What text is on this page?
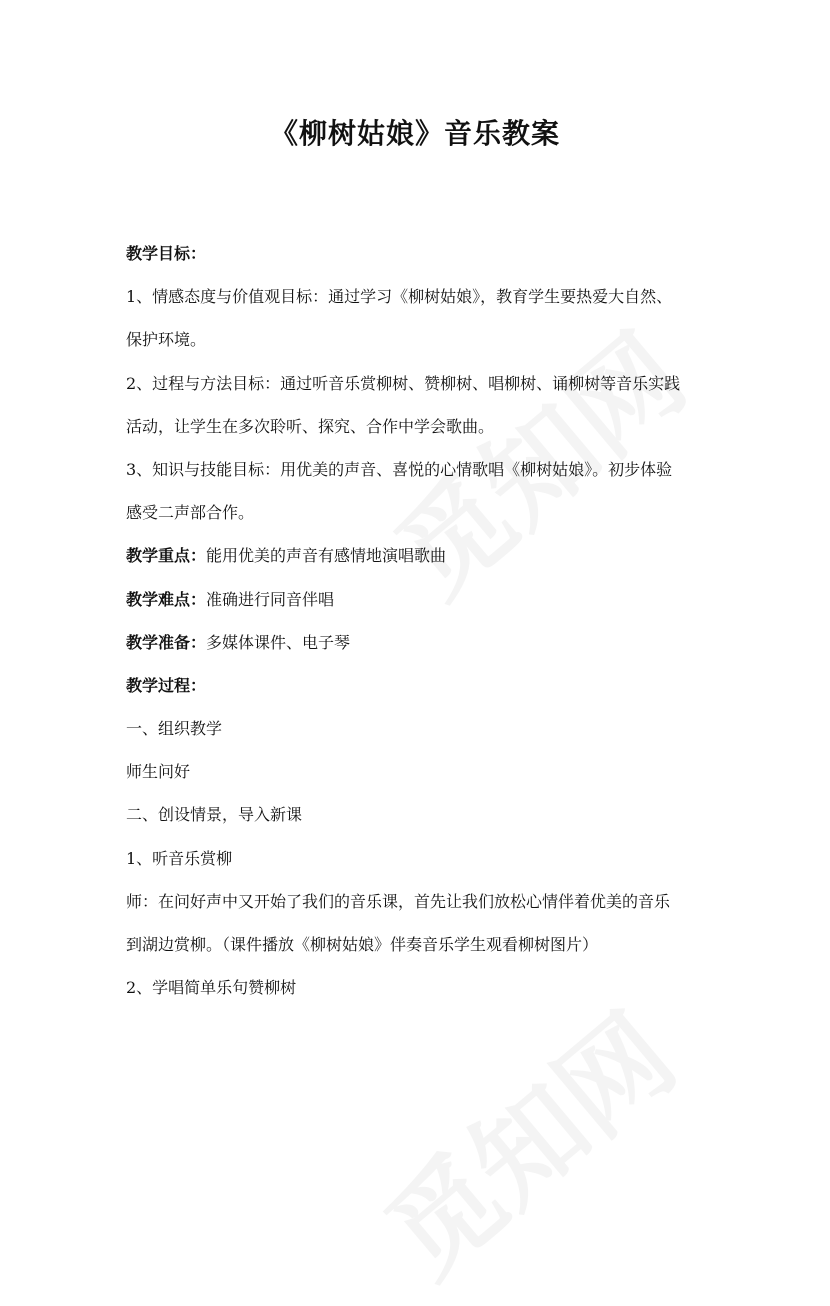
《柳树姑娘》音乐教案
教学目标：
1、情感态度与价值观目标：通过学习《柳树姑娘》，教育学生要热爱大自然、
保护环境。
2、过程与方法目标：通过听音乐赏柳树、赞柳树、唱柳树、诵柳树等音乐实践
活动，让学生在多次聆听、探究、合作中学会歌曲。
3、知识与技能目标：用优美的声音、喜悦的心情歌唱《柳树姑娘》。初步体验
感受二声部合作。
教学重点：能用优美的声音有感情地演唱歌曲
教学难点：准确进行同音伴唱
教学准备：多媒体课件、电子琴
教学过程：
一、组织教学
师生问好
二、创设情景，导入新课
1、听音乐赏柳
师：在问好声中又开始了我们的音乐课，首先让我们放松心情伴着优美的音乐
到湖边赏柳。（课件播放《柳树姑娘》伴奏音乐学生观看柳树图片）
2、学唱简单乐句赞柳树
